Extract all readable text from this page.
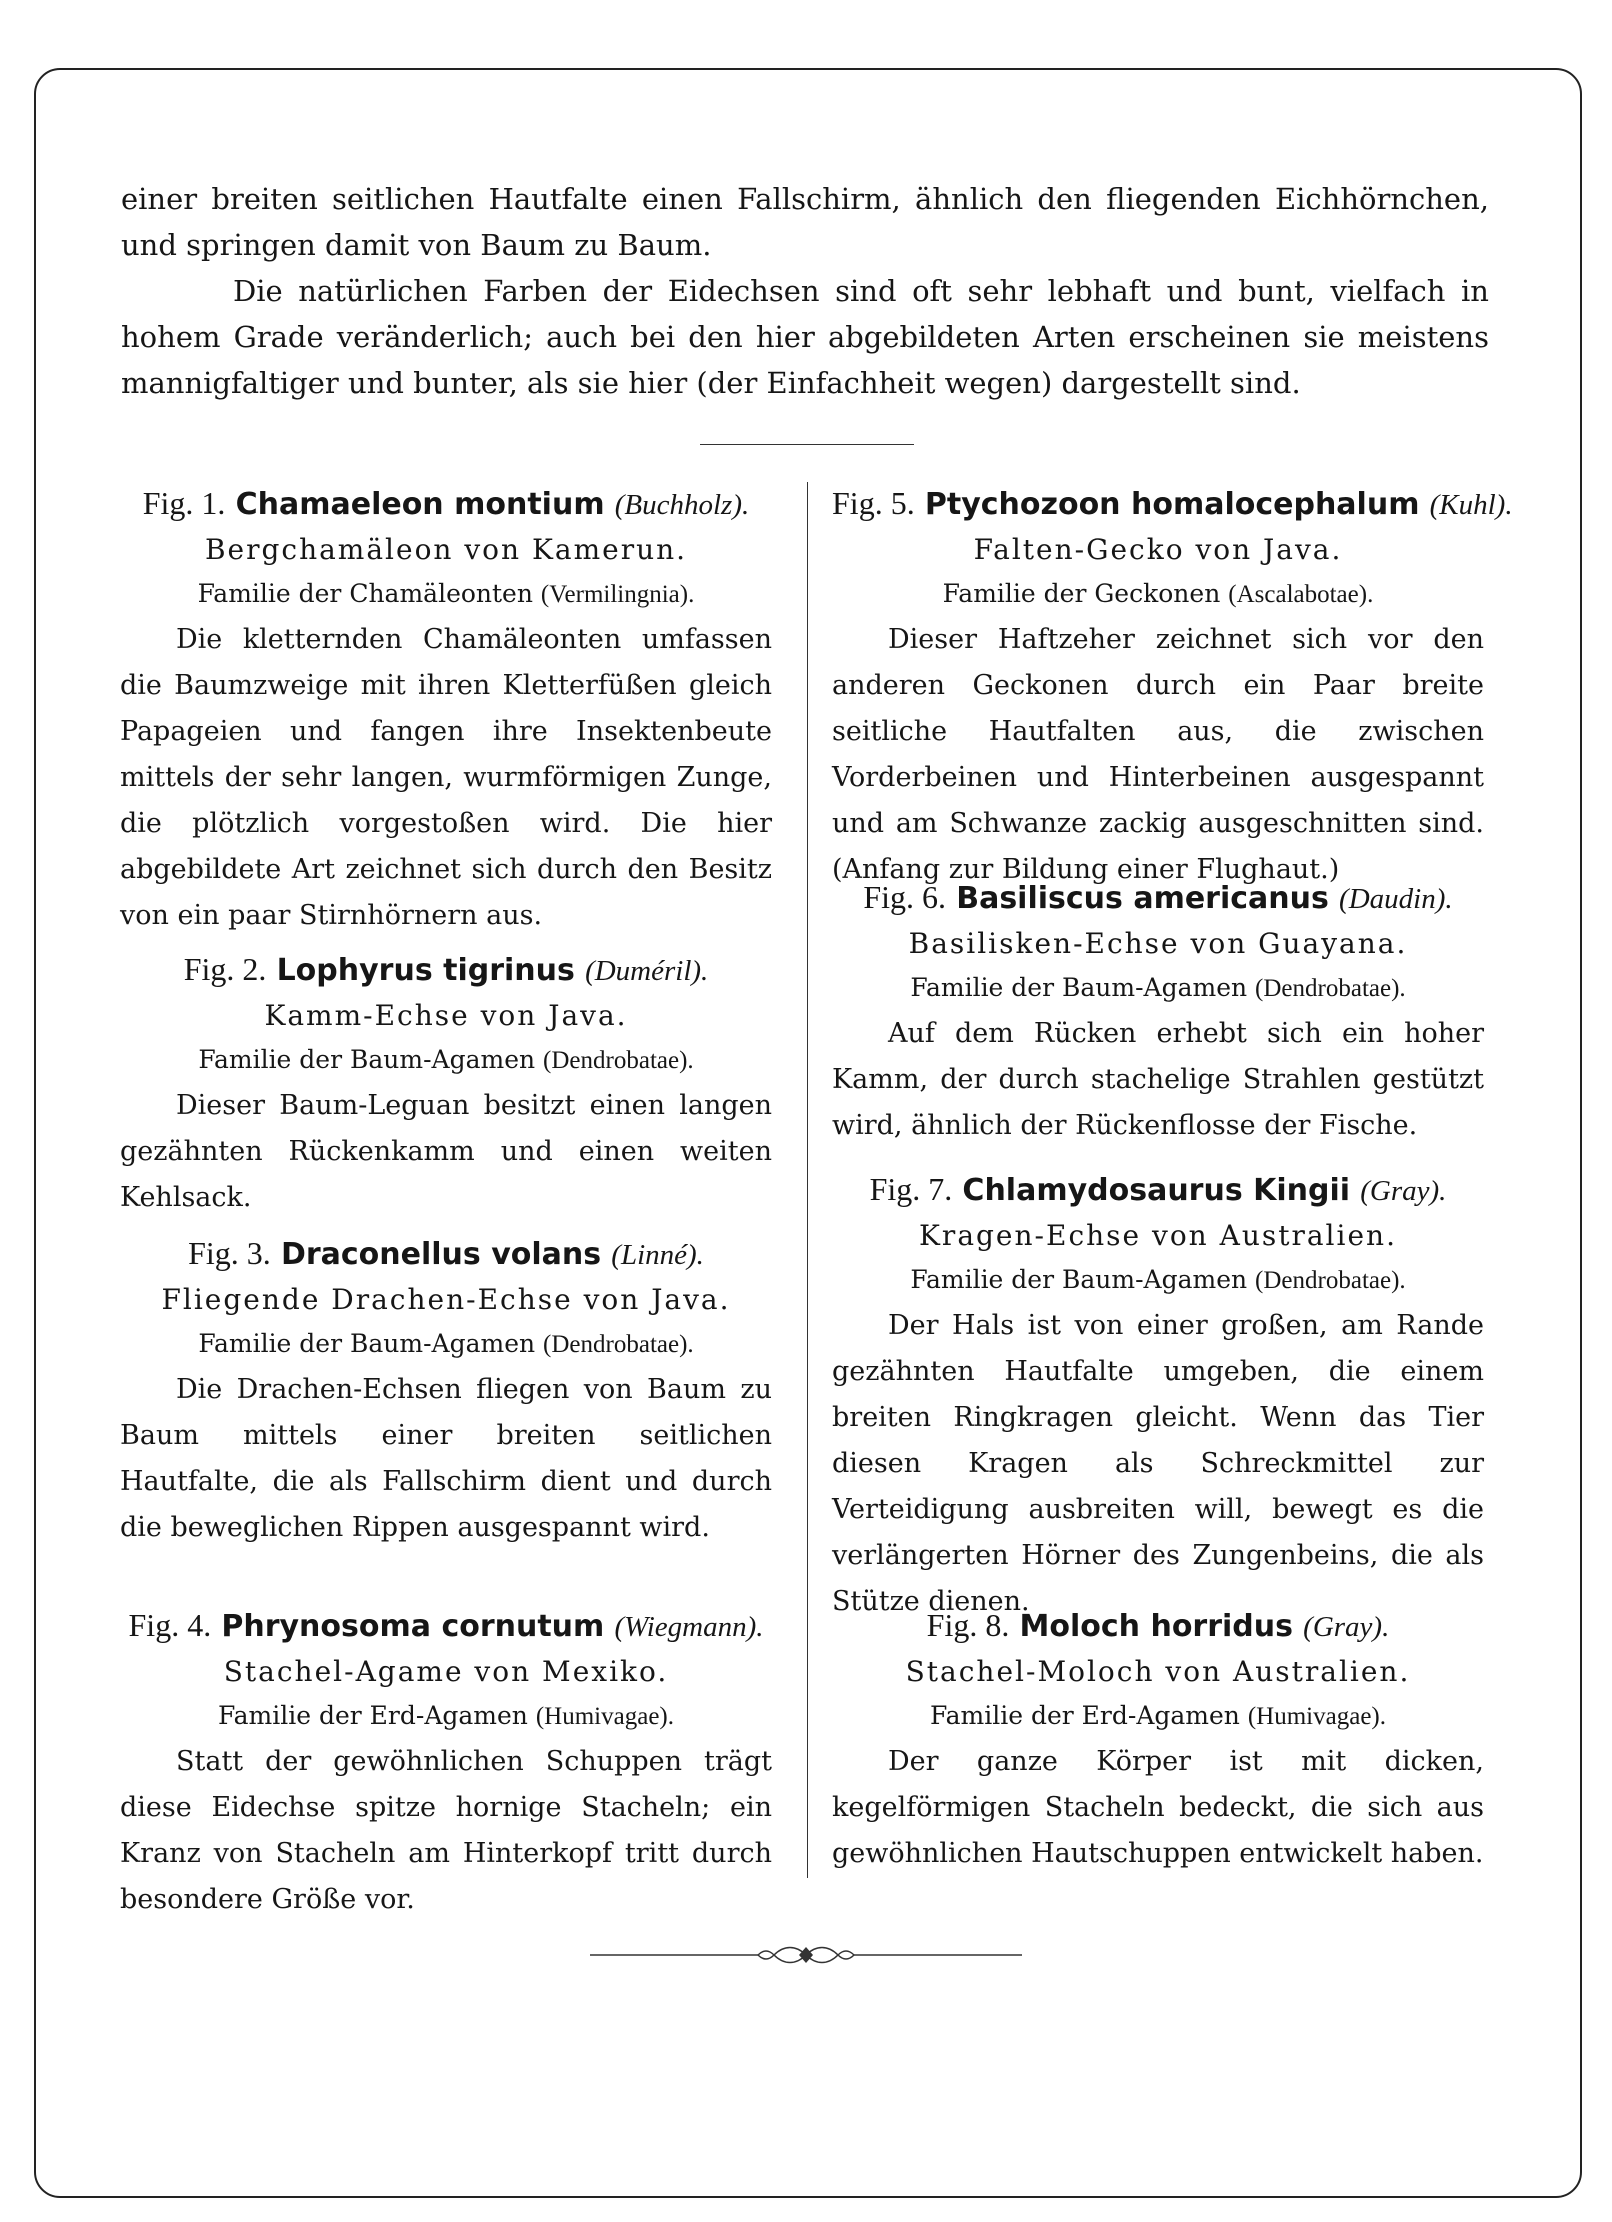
einer breiten seitlichen Hautfalte einen Fallschirm, ähnlich den fliegenden Eichhörnchen, und springen damit von Baum zu Baum.

Die natürlichen Farben der Eidechsen sind oft sehr lebhaft und bunt, vielfach in hohem Grade veränderlich; auch bei den hier abgebildeten Arten erscheinen sie meistens mannigfaltiger und bunter, als sie hier (der Einfachheit wegen) dargestellt sind.

Fig. 1. Chamaeleon montium (Buchholz).
Bergchamäleon von Kamerun.
Familie der Chamäleonten (Vermilingnia).

Die kletternden Chamäleonten umfassen die Baumzweige mit ihren Kletterfüßen gleich Papageien und fangen ihre Insektenbeute mittels der sehr langen, wurmförmigen Zunge, die plötzlich vorgestoßen wird. Die hier abgebildete Art zeichnet sich durch den Besitz von ein paar Stirnhörnern aus.

Fig. 2. Lophyrus tigrinus (Duméril).
Kamm-Echse von Java.
Familie der Baum-Agamen (Dendrobatae).

Dieser Baum-Leguan besitzt einen langen gezähnten Rückenkamm und einen weiten Kehlsack.

Fig. 3. Draconellus volans (Linné).
Fliegende Drachen-Echse von Java.
Familie der Baum-Agamen (Dendrobatae).

Die Drachen-Echsen fliegen von Baum zu Baum mittels einer breiten seitlichen Hautfalte, die als Fallschirm dient und durch die beweglichen Rippen ausgespannt wird.

Fig. 4. Phrynosoma cornutum (Wiegmann).
Stachel-Agame von Mexiko.
Familie der Erd-Agamen (Humivagae).

Statt der gewöhnlichen Schuppen trägt diese Eidechse spitze hornige Stacheln; ein Kranz von Stacheln am Hinterkopf tritt durch besondere Größe vor.

Fig. 5. Ptychozoon homalocephalum (Kuhl).
Falten-Gecko von Java.
Familie der Geckonen (Ascalabotae).

Dieser Haftzeher zeichnet sich vor den anderen Geckonen durch ein Paar breite seitliche Hautfalten aus, die zwischen Vorderbeinen und Hinterbeinen ausgespannt und am Schwanze zackig ausgeschnitten sind. (Anfang zur Bildung einer Flughaut.)

Fig. 6. Basiliscus americanus (Daudin).
Basilisken-Echse von Guayana.
Familie der Baum-Agamen (Dendrobatae).

Auf dem Rücken erhebt sich ein hoher Kamm, der durch stachelige Strahlen gestützt wird, ähnlich der Rückenflosse der Fische.

Fig. 7. Chlamydosaurus Kingii (Gray).
Kragen-Echse von Australien.
Familie der Baum-Agamen (Dendrobatae).

Der Hals ist von einer großen, am Rande gezähnten Hautfalte umgeben, die einem breiten Ringkragen gleicht. Wenn das Tier diesen Kragen als Schreckmittel zur Verteidigung ausbreiten will, bewegt es die verlängerten Hörner des Zungenbeins, die als Stütze dienen.

Fig. 8. Moloch horridus (Gray).
Stachel-Moloch von Australien.
Familie der Erd-Agamen (Humivagae).

Der ganze Körper ist mit dicken, kegelförmigen Stacheln bedeckt, die sich aus gewöhnlichen Hautschuppen entwickelt haben.
